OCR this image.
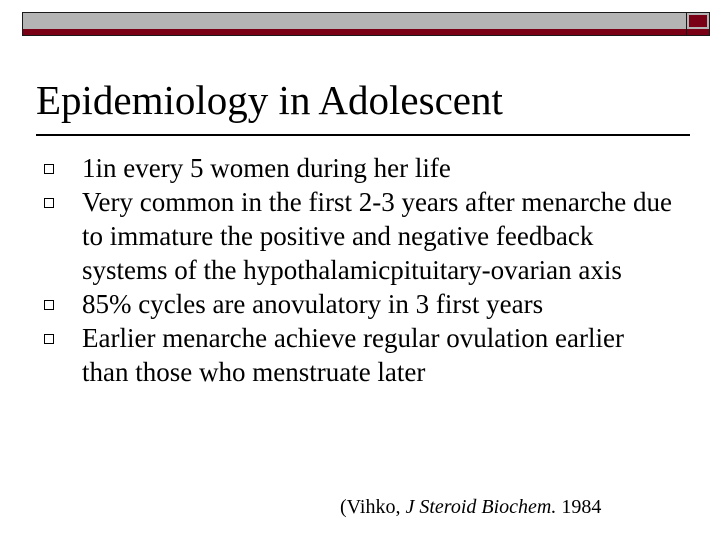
Epidemiology in Adolescent
1in every 5 women during her life
Very common in the first 2-3 years after menarche due to immature the positive and negative feedback systems of the hypothalamicpituitary-ovarian axis
85% cycles are anovulatory in 3 first years
Earlier menarche achieve regular ovulation earlier than those who menstruate later
(Vihko, J Steroid Biochem. 1984
